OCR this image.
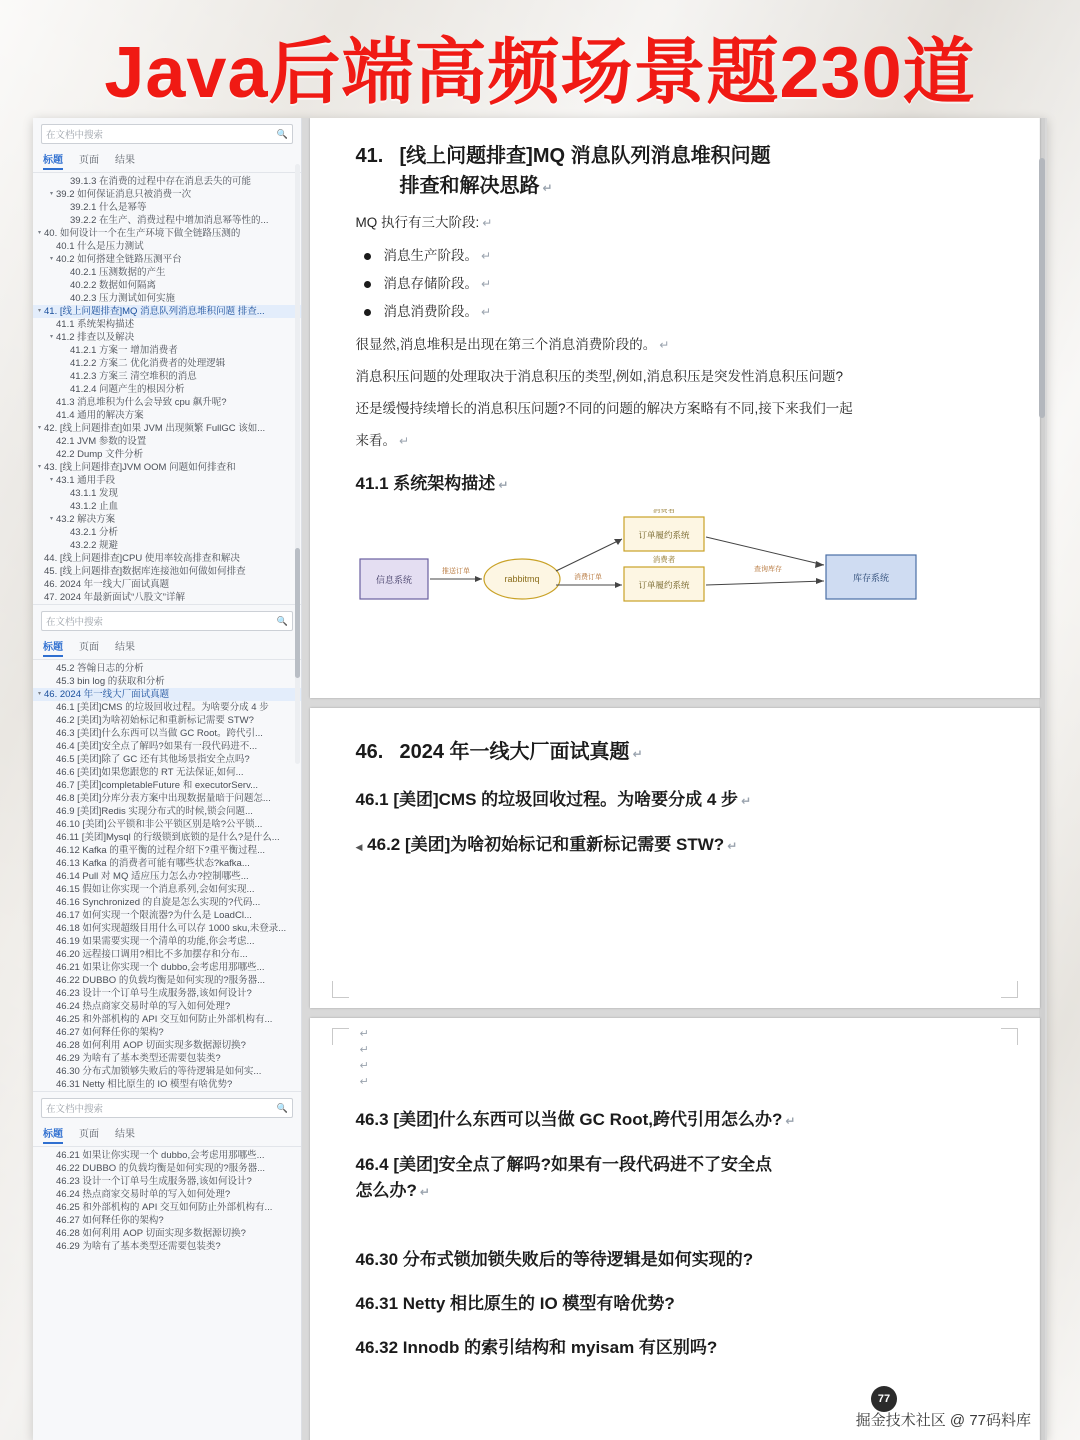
Java后端高频场景题230道
在文档中搜索	🔍
标题 页面 结果
39.1.3 在消费的过程中存在消息丢失的可能
▾ 39.2 如何保证消息只被消费一次
39.2.1 什么是幂等
39.2.2 在生产、消费过程中增加消息幂等性的...
▾ 40. 如何设计一个在生产环境下做全链路压测的
40.1 什么是压力测试
▾ 40.2 如何搭建全链路压测平台
40.2.1 压测数据的产生
40.2.2 数据如何隔离
40.2.3 压力测试如何实施
▾ 41. [线上问题排查]MQ 消息队列消息堆积问题 排查...
41.1 系统架构描述
▾ 41.2 排查以及解决
41.2.1 方案一 增加消费者
41.2.2 方案二 优化消费者的处理逻辑
41.2.3 方案三 清空堆积的消息
41.2.4 问题产生的根因分析
41.3 消息堆积为什么会导致 cpu 飙升呢?
41.4 通用的解决方案
▾ 42. [线上问题排查]如果 JVM 出现频繁 FullGC 该如...
42.1 JVM 参数的设置
42.2 Dump 文件分析
▾ 43. [线上问题排查]JVM OOM 问题如何排查和
▾ 43.1 通用手段
43.1.1 发现
43.1.2 止血
▾ 43.2 解决方案
43.2.1 分析
43.2.2 规避
44. [线上问题排查]CPU 使用率较高排查和解决
45. [线上问题排查]数据库连接池如何做如何排查
46. 2024 年一线大厂面试真题
47. 2024 年最新面试“八股文”详解
在文档中搜索	🔍
标题 页面 结果
45.2 答翰日志的分析
45.3 bin log 的获取和分析
▾ 46. 2024 年一线大厂面试真题
46.1 [美团]CMS 的垃圾回收过程。为啥要分成 4 步
46.2 [美团]为啥初始标记和重新标记需要 STW?
46.3 [美团]什么东西可以当做 GC Root。跨代引...
46.4 [美团]安全点了解吗?如果有一段代码进不...
46.5 [美团]除了 GC 还有其他场景指安全点吗?
46.6 [美团]如果您跟您的 RT 无法保证,如何...
46.7 [美团]completableFuture 和 executorServ...
46.8 [美团]分库分表方案中出现数据量暗于问题怎...
46.9 [美团]Redis 实现分布式的时候,锁会问题...
46.10 [美团]公平锁和非公平锁区别是啥?公平锁...
46.11 [美团]Mysql 的行级锁到底锁的是什么?是什么...
46.12 Kafka 的重平衡的过程介绍下?重平衡过程...
46.13 Kafka 的消费者可能有哪些状态?kafka...
46.14 Pull 对 MQ 适应压力怎么办?控制哪些...
46.15 假如让你实现一个消息系列,会如何实现...
46.16 Synchronized 的自旋是怎么实现的?代码...
46.17 如何实现一个限流器?为什么是 LoadCl...
46.18 如何实现超级目用什么可以存 1000 sku,未登录...
46.19 如果需要实现一个清单的功能,你会考虑...
46.20 远程接口调用?相比不多加摆存和分布...
46.21 如果让你实现一个 dubbo,会考虑用那哪些...
46.22 DUBBO 的负载均衡是如何实现的?服务器...
46.23 设计一个订单号生成服务器,该如何设计?
46.24 热点商家交易时单的写入如何处理?
46.25 和外部机构的 API 交互如何防止外部机构有...
46.27 如何释任你的架构?
46.28 如何利用 AOP 切面实现多数据源切换?
46.29 为啥有了基本类型还需要包装类?
46.30 分布式加锁够失败后的等待逻辑是如何实...
46.31 Netty 相比原生的 IO 模型有啥优势?
在文档中搜索	🔍
标题 页面 结果
46.21 如果让你实现一个 dubbo,会考虑用那哪些...
46.22 DUBBO 的负载均衡是如何实现的?服务器...
46.23 设计一个订单号生成服务器,该如何设计?
46.24 热点商家交易时单的写入如何处理?
46.25 和外部机构的 API 交互如何防止外部机构有...
46.27 如何释任你的架构?
46.28 如何利用 AOP 切面实现多数据源切换?
46.29 为啥有了基本类型还需要包装类?
41. [线上问题排查]MQ 消息队列消息堆积问题
排查和解决思路 ↵
MQ 执行有三大阶段: ↵
消息生产阶段。 ↵
消息存储阶段。 ↵
消息消费阶段。 ↵
很显然,消息堆积是出现在第三个消息消费阶段的。 ↵
消息积压问题的处理取决于消息积压的类型,例如,消息积压是突发性消息积压问题?
还是缓慢持续增长的消息积压问题?不同的问题的解决方案略有不同,接下来我们一起
来看。 ↵
41.1 系统架构描述 ↵
信息系统	rabbitmq
订单履约系统
消费者
订单履约系统
消费者
库存系统
推送订单
消费订单
查询库存
46. 2024 年一线大厂面试真题 ↵
46.1 [美团]CMS 的垃圾回收过程。为啥要分成 4 步 ↵
◀ 46.2 [美团]为啥初始标记和重新标记需要 STW? ↵
↵
↵
↵
↵
46.3 [美团]什么东西可以当做 GC Root,跨代引用怎么办? ↵
46.4 [美团]安全点了解吗?如果有一段代码进不了安全点
怎么办? ↵
46.30 分布式锁加锁失败后的等待逻辑是如何实现的?
46.31 Netty 相比原生的 IO 模型有啥优势?
46.32 Innodb 的索引结构和 myisam 有区别吗?
掘金技术社区 @ 77码料库
77
